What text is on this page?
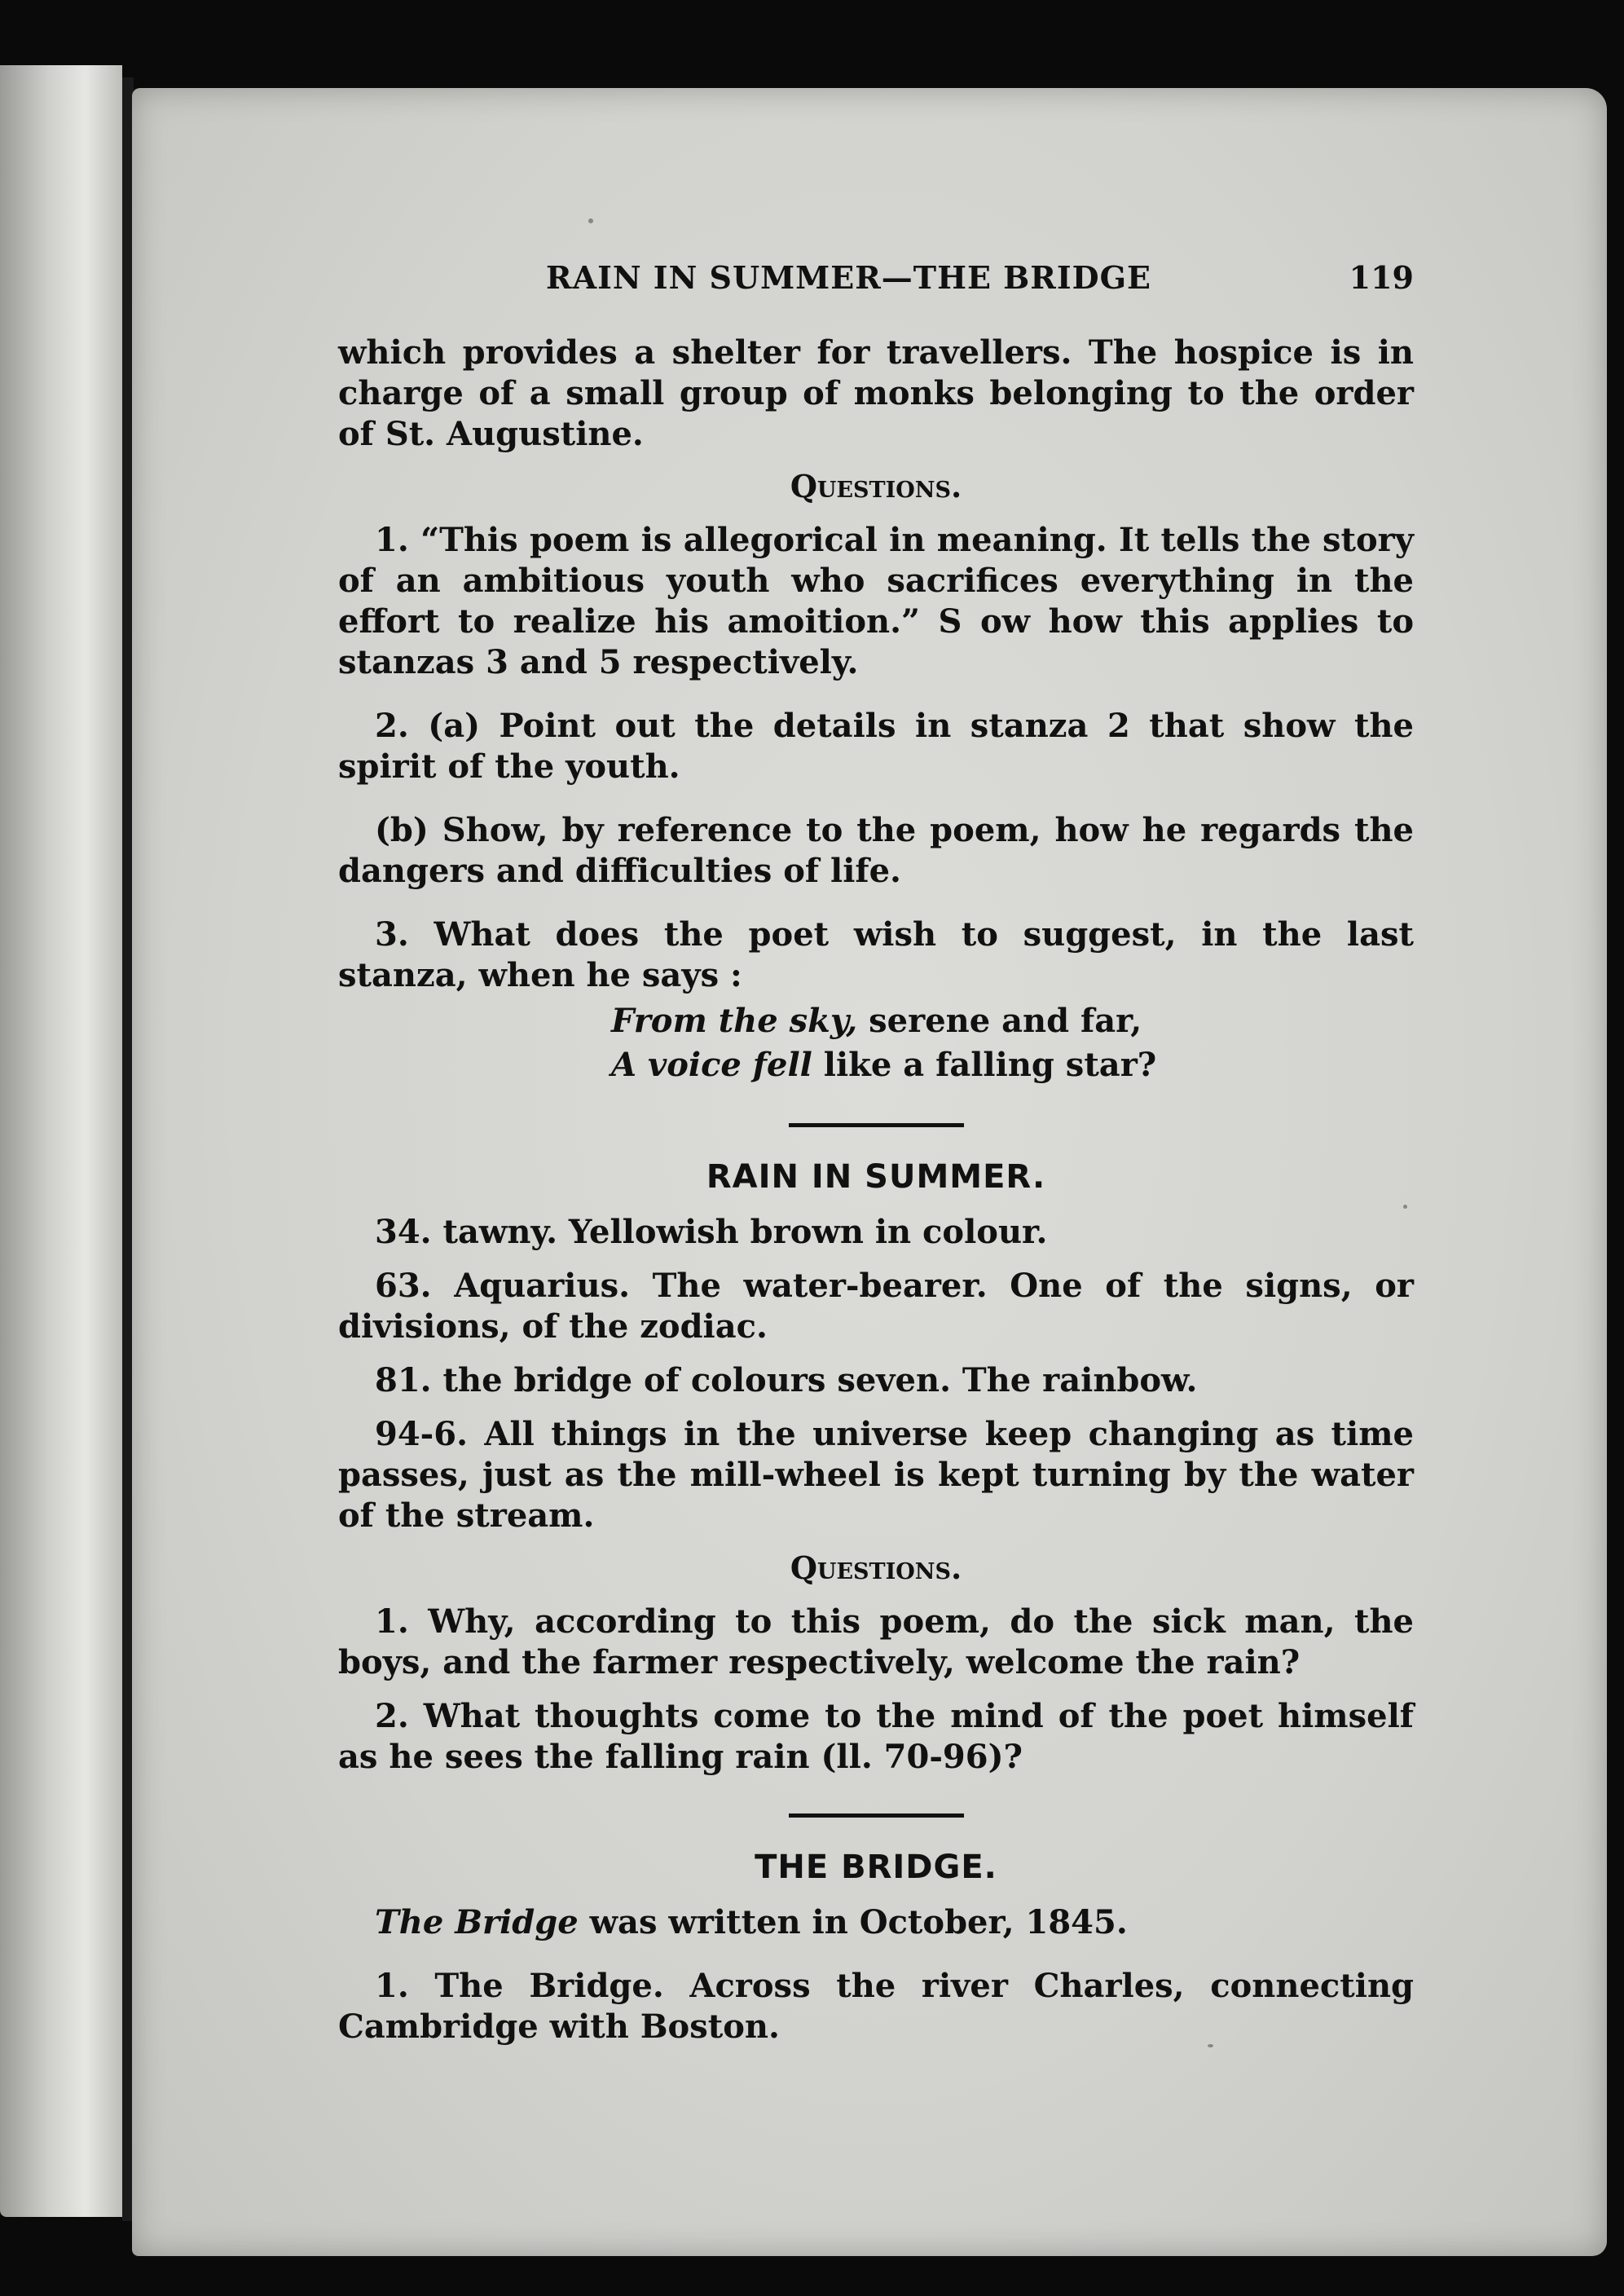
RAIN IN SUMMER—THE BRIDGE	119

which provides a shelter for travellers. The hospice is in charge of a small group of monks belonging to the order of St. Augustine.

Questions.

1. “This poem is allegorical in meaning. It tells the story of an ambitious youth who sacrifices everything in the effort to realize his amoition.” S ow how this applies to stanzas 3 and 5 respectively.

2. (a) Point out the details in stanza 2 that show the spirit of the youth.

(b) Show, by reference to the poem, how he regards the dangers and difficulties of life.

3. What does the poet wish to suggest, in the last stanza, when he says :

From the sky, serene and far,
A voice fell like a falling star?
RAIN IN SUMMER.

34. tawny. Yellowish brown in colour.

63. Aquarius. The water-bearer. One of the signs, or divisions, of the zodiac.

81. the bridge of colours seven. The rainbow.

94-6. All things in the universe keep changing as time passes, just as the mill-wheel is kept turning by the water of the stream.

Questions.

1. Why, according to this poem, do the sick man, the boys, and the farmer respectively, welcome the rain?

2. What thoughts come to the mind of the poet himself as he sees the falling rain (ll. 70-96)?

THE BRIDGE.

The Bridge was written in October, 1845.

1. The Bridge. Across the river Charles, connecting Cambridge with Boston.
